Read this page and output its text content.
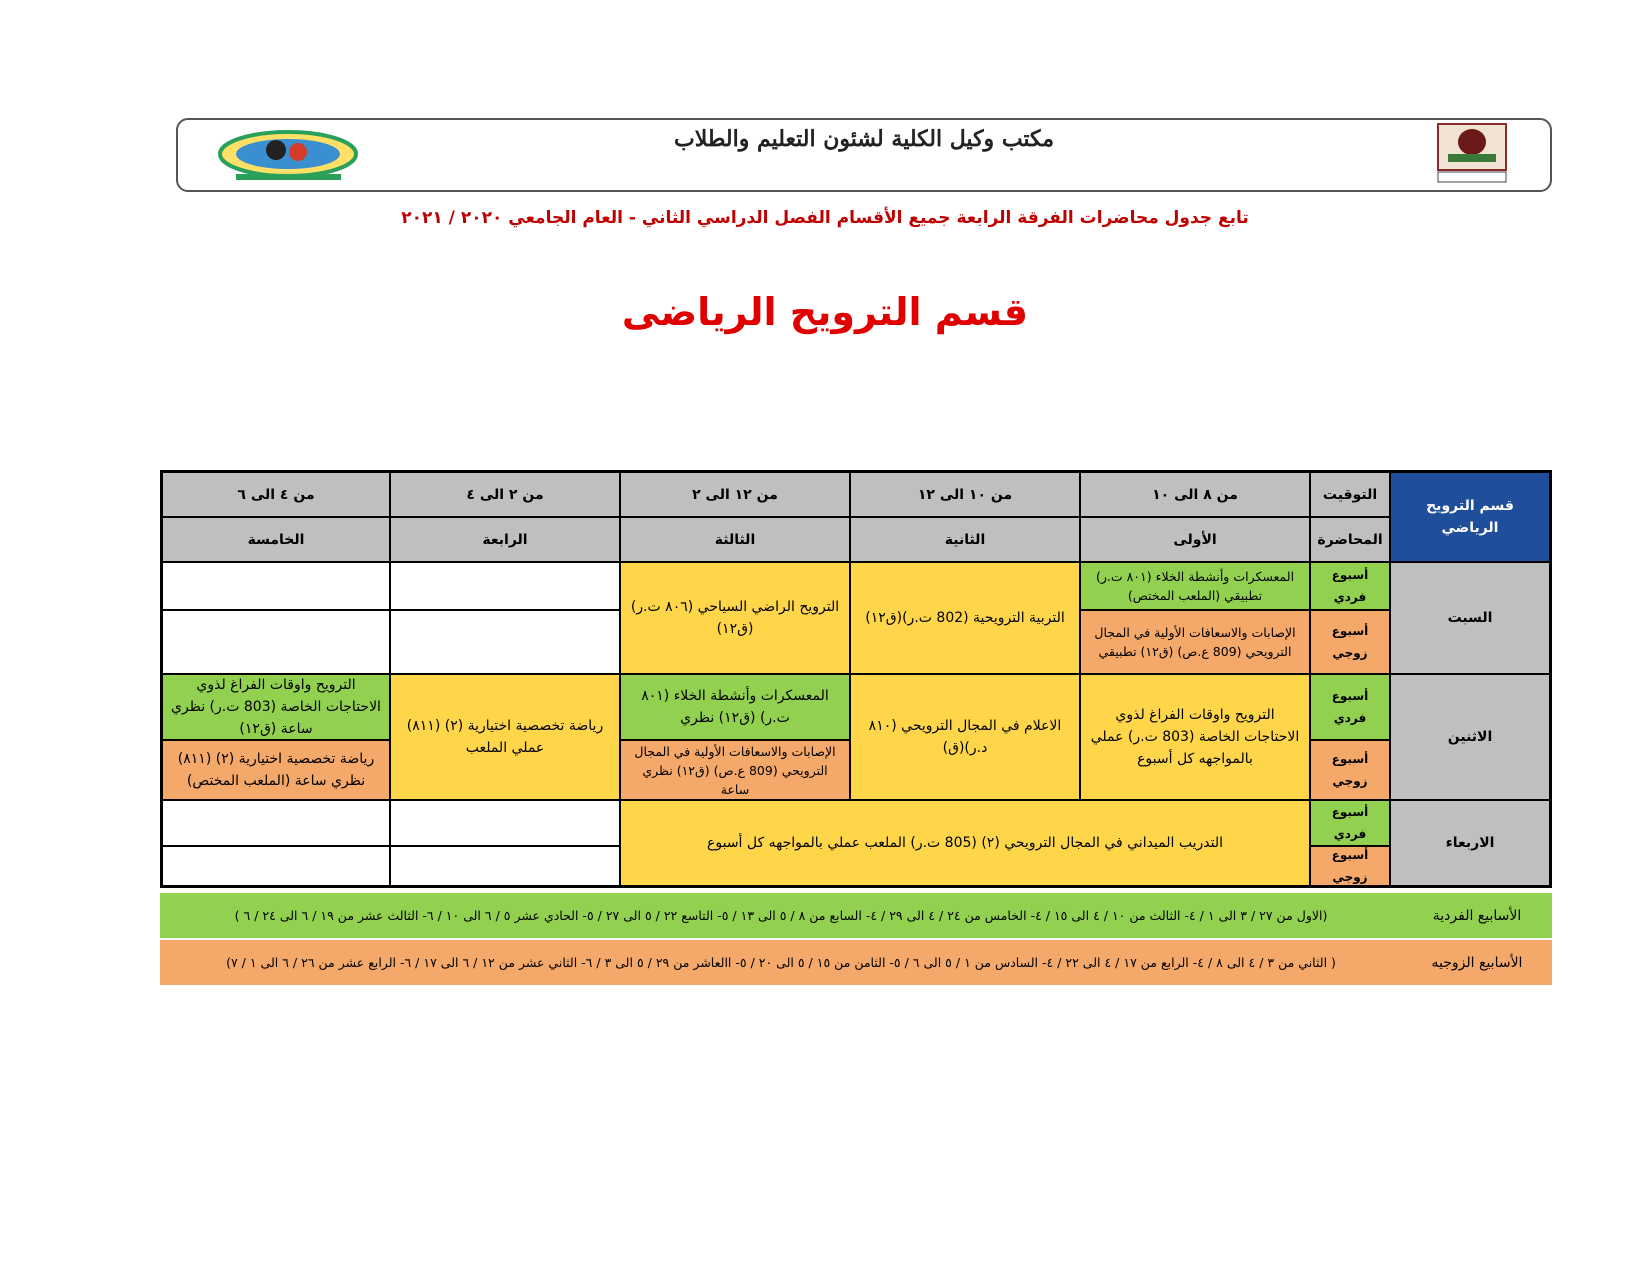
مكتب وكيل الكلية لشئون التعليم والطلاب
تابع جدول محاضرات الفرقة الرابعة جميع الأقسام الفصل الدراسي الثاني - العام الجامعي ٢٠٢٠ / ٢٠٢١
قسم الترويح الرياضى
قسم الترويح الرياضي
السبت
الاثنين
الاربعاء
التوقيت
المحاضرة
من ٨ الى ١٠
من ١٠ الى ١٢
من ١٢ الى ٢
من ٢ الى ٤
من ٤ الى ٦
الأولى
الثانية
الثالثة
الرابعة
الخامسة
أسبوع فردي
أسبوع زوجي
أسبوع فردي
أسبوع زوجي
أسبوع فردي
أسبوع زوجي
المعسكرات وأنشطة الخلاء (٨٠١ ت.ر) تطبيقي (الملعب المختص)
الإصابات والاسعافات الأولية في المجال الترويحي (809 ع.ص) (ق١٢) تطبيقي
التربية الترويحية (802 ت.ر)(ق١٢)
الترويح الراضي السياحي (٨٠٦ ت.ر)(ق١٢)
الترويح واوقات الفراغ لذوي الاحتاجات الخاصة (803 ت.ر) عملي بالمواجهه كل أسبوع
الاعلام في المجال الترويحي (٨١٠ د.ر)(ق)
المعسكرات وأنشطة الخلاء (٨٠١ ت.ر) (ق١٢) نظري
الإصابات والاسعافات الأولية في المجال الترويحي (809 ع.ص) (ق١٢) نظري ساعة
رياضة تخصصية اختيارية (٢) (٨١١) عملي الملعب
الترويح واوقات الفراغ لذوي الاحتاجات الخاصة (803 ت.ر) نظري ساعة (ق١٢)
رياضة تخصصية اختيارية (٢) (٨١١) نظري ساعة (الملعب المختص)
التدريب الميداني في المجال الترويحي (٢) (805 ت.ر) الملعب عملي بالمواجهه كل أسبوع
الأسابيع الفردية
(الاول من ٢٧ / ٣ الى ١ / ٤- الثالث من ١٠ / ٤ الى ١٥ / ٤- الخامس من ٢٤ / ٤ الى ٢٩ / ٤- السابع من ٨ / ٥ الى ١٣ / ٥- التاسع ٢٢ / ٥ الى ٢٧ / ٥- الحادي عشر ٥ / ٦ الى ١٠ / ٦- الثالث عشر من ١٩ / ٦ الى ٢٤ / ٦ )
الأسابيع الزوجيه
( الثاني من ٣ / ٤ الى ٨ / ٤- الرابع من ١٧ / ٤ الى ٢٢ / ٤- السادس من ١ / ٥ الى ٦ / ٥- الثامن من ١٥ / ٥ الى ٢٠ / ٥- االعاشر من ٢٩ / ٥ الى ٣ / ٦- الثاني عشر من ١٢ / ٦ الى ١٧ / ٦- الرابع عشر من ٢٦ / ٦ الى ١ / ٧)
